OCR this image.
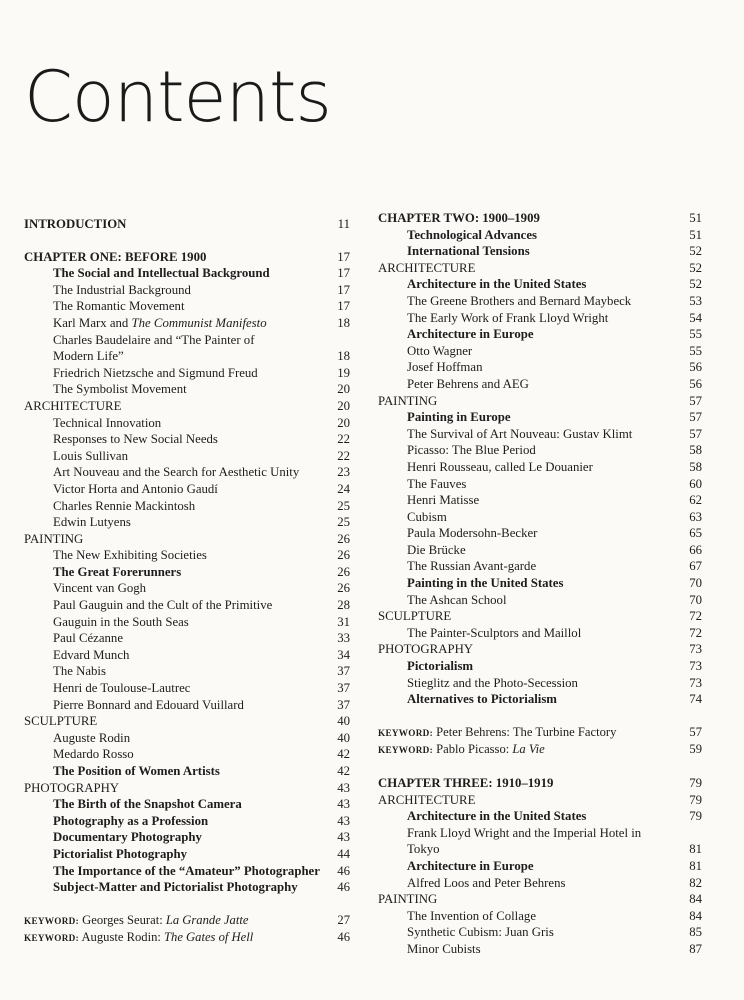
Contents
INTRODUCTION	11
CHAPTER ONE: BEFORE 1900	17
The Social and Intellectual Background	17
The Industrial Background	17
The Romantic Movement	17
Karl Marx and The Communist Manifesto	18
Charles Baudelaire and “The Painter of
Modern Life”	18
Friedrich Nietzsche and Sigmund Freud	19
The Symbolist Movement	20
ARCHITECTURE	20
Technical Innovation	20
Responses to New Social Needs	22
Louis Sullivan	22
Art Nouveau and the Search for Aesthetic Unity	23
Victor Horta and Antonio Gaudí	24
Charles Rennie Mackintosh	25
Edwin Lutyens	25
PAINTING	26
The New Exhibiting Societies	26
The Great Forerunners	26
Vincent van Gogh	26
Paul Gauguin and the Cult of the Primitive	28
Gauguin in the South Seas	31
Paul Cézanne	33
Edvard Munch	34
The Nabis	37
Henri de Toulouse-Lautrec	37
Pierre Bonnard and Edouard Vuillard	37
SCULPTURE	40
Auguste Rodin	40
Medardo Rosso	42
The Position of Women Artists	42
PHOTOGRAPHY	43
The Birth of the Snapshot Camera	43
Photography as a Profession	43
Documentary Photography	43
Pictorialist Photography	44
The Importance of the “Amateur” Photographer	46
Subject-Matter and Pictorialist Photography	46
KEYWORD: Georges Seurat: La Grande Jatte	27
KEYWORD: Auguste Rodin: The Gates of Hell	46
CHAPTER TWO: 1900–1909	51
Technological Advances	51
International Tensions	52
ARCHITECTURE	52
Architecture in the United States	52
The Greene Brothers and Bernard Maybeck	53
The Early Work of Frank Lloyd Wright	54
Architecture in Europe	55
Otto Wagner	55
Josef Hoffman	56
Peter Behrens and AEG	56
PAINTING	57
Painting in Europe	57
The Survival of Art Nouveau: Gustav Klimt	57
Picasso: The Blue Period	58
Henri Rousseau, called Le Douanier	58
The Fauves	60
Henri Matisse	62
Cubism	63
Paula Modersohn-Becker	65
Die Brücke	66
The Russian Avant-garde	67
Painting in the United States	70
The Ashcan School	70
SCULPTURE	72
The Painter-Sculptors and Maillol	72
PHOTOGRAPHY	73
Pictorialism	73
Stieglitz and the Photo-Secession	73
Alternatives to Pictorialism	74
KEYWORD: Peter Behrens: The Turbine Factory	57
KEYWORD: Pablo Picasso: La Vie	59
CHAPTER THREE: 1910–1919	79
ARCHITECTURE	79
Architecture in the United States	79
Frank Lloyd Wright and the Imperial Hotel in
Tokyo	81
Architecture in Europe	81
Alfred Loos and Peter Behrens	82
PAINTING	84
The Invention of Collage	84
Synthetic Cubism: Juan Gris	85
Minor Cubists	87
